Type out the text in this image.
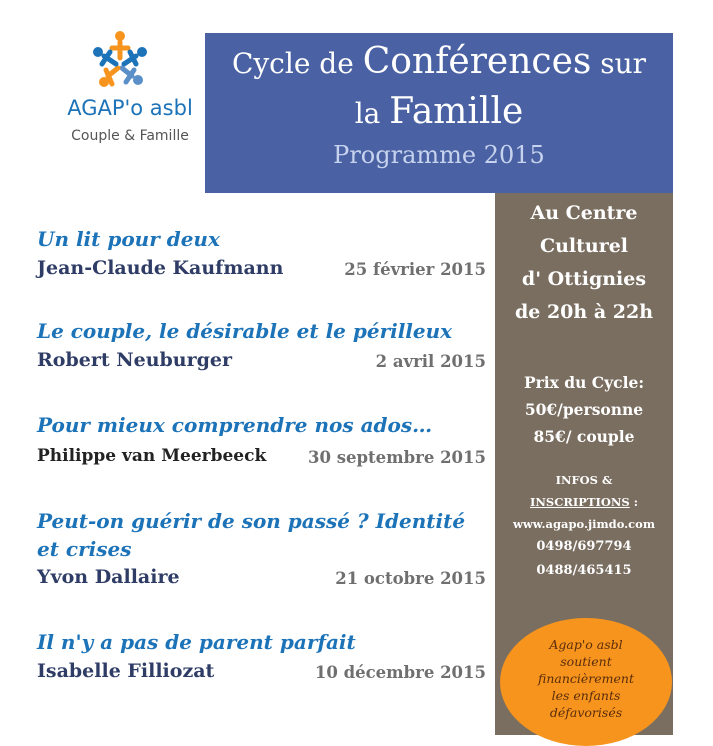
AGAP'o asbl
Couple & Famille
Cycle de Conférences sur
la Famille
Programme 2015
Un lit pour deux
Jean-Claude Kaufmann	25 février 2015
Le couple, le désirable et le périlleux
Robert Neuburger	2 avril 2015
Pour mieux comprendre nos ados…
Philippe van Meerbeeck	30 septembre 2015
Peut-on guérir de son passé ? Identité
et crises
Yvon Dallaire	21 octobre 2015
Il n'y a pas de parent parfait
Isabelle Filliozat	10 décembre 2015
Au Centre
Culturel
d' Ottignies
de 20h à 22h
Prix du Cycle:
50€/personne
85€/ couple
INFOS &
INSCRIPTIONS :
www.agapo.jimdo.com
0498/697794
0488/465415
Agap'o asbl
soutient
financièrement
les enfants
défavorisés
